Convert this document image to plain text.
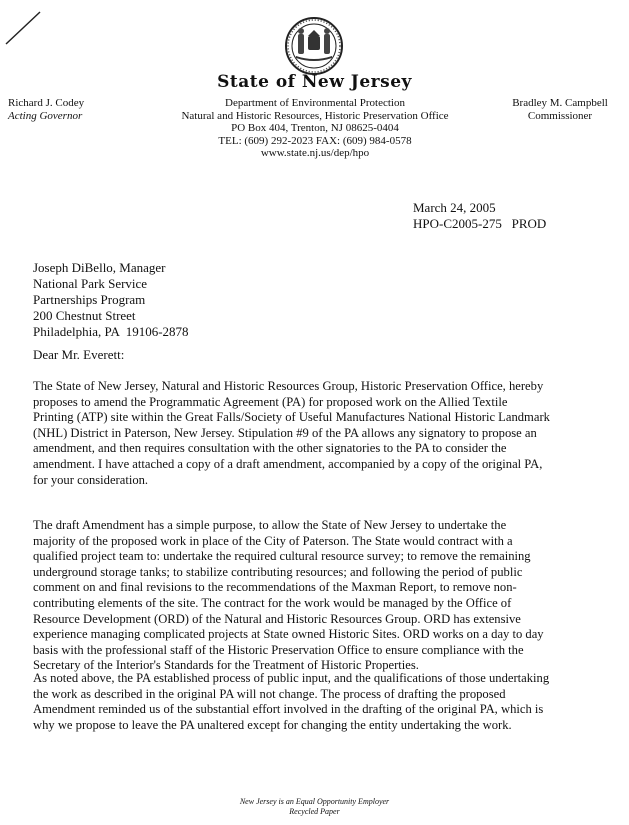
State of New Jersey
Richard J. Codey
Acting Governor
Department of Environmental Protection
Natural and Historic Resources, Historic Preservation Office
PO Box 404, Trenton, NJ 08625-0404
TEL: (609) 292-2023 FAX: (609) 984-0578
www.state.nj.us/dep/hpo
Bradley M. Campbell
Commissioner
March 24, 2005
HPO-C2005-275   PROD
Joseph DiBello, Manager
National Park Service
Partnerships Program
200 Chestnut Street
Philadelphia, PA  19106-2878
Dear Mr. Everett:
The State of New Jersey, Natural and Historic Resources Group, Historic Preservation Office, hereby
proposes to amend the Programmatic Agreement (PA) for proposed work on the Allied Textile
Printing (ATP) site within the Great Falls/Society of Useful Manufactures National Historic Landmark
(NHL) District in Paterson, New Jersey. Stipulation #9 of the PA allows any signatory to propose an
amendment, and then requires consultation with the other signatories to the PA to consider the
amendment. I have attached a copy of a draft amendment, accompanied by a copy of the original PA,
for your consideration.
The draft Amendment has a simple purpose, to allow the State of New Jersey to undertake the
majority of the proposed work in place of the City of Paterson. The State would contract with a
qualified project team to: undertake the required cultural resource survey; to remove the remaining
underground storage tanks; to stabilize contributing resources; and following the period of public
comment on and final revisions to the recommendations of the Maxman Report, to remove non-
contributing elements of the site. The contract for the work would be managed by the Office of
Resource Development (ORD) of the Natural and Historic Resources Group. ORD has extensive
experience managing complicated projects at State owned Historic Sites. ORD works on a day to day
basis with the professional staff of the Historic Preservation Office to ensure compliance with the
Secretary of the Interior's Standards for the Treatment of Historic Properties.
As noted above, the PA established process of public input, and the qualifications of those undertaking
the work as described in the original PA will not change. The process of drafting the proposed
Amendment reminded us of the substantial effort involved in the drafting of the original PA, which is
why we propose to leave the PA unaltered except for changing the entity undertaking the work.
New Jersey is an Equal Opportunity Employer
Recycled Paper
